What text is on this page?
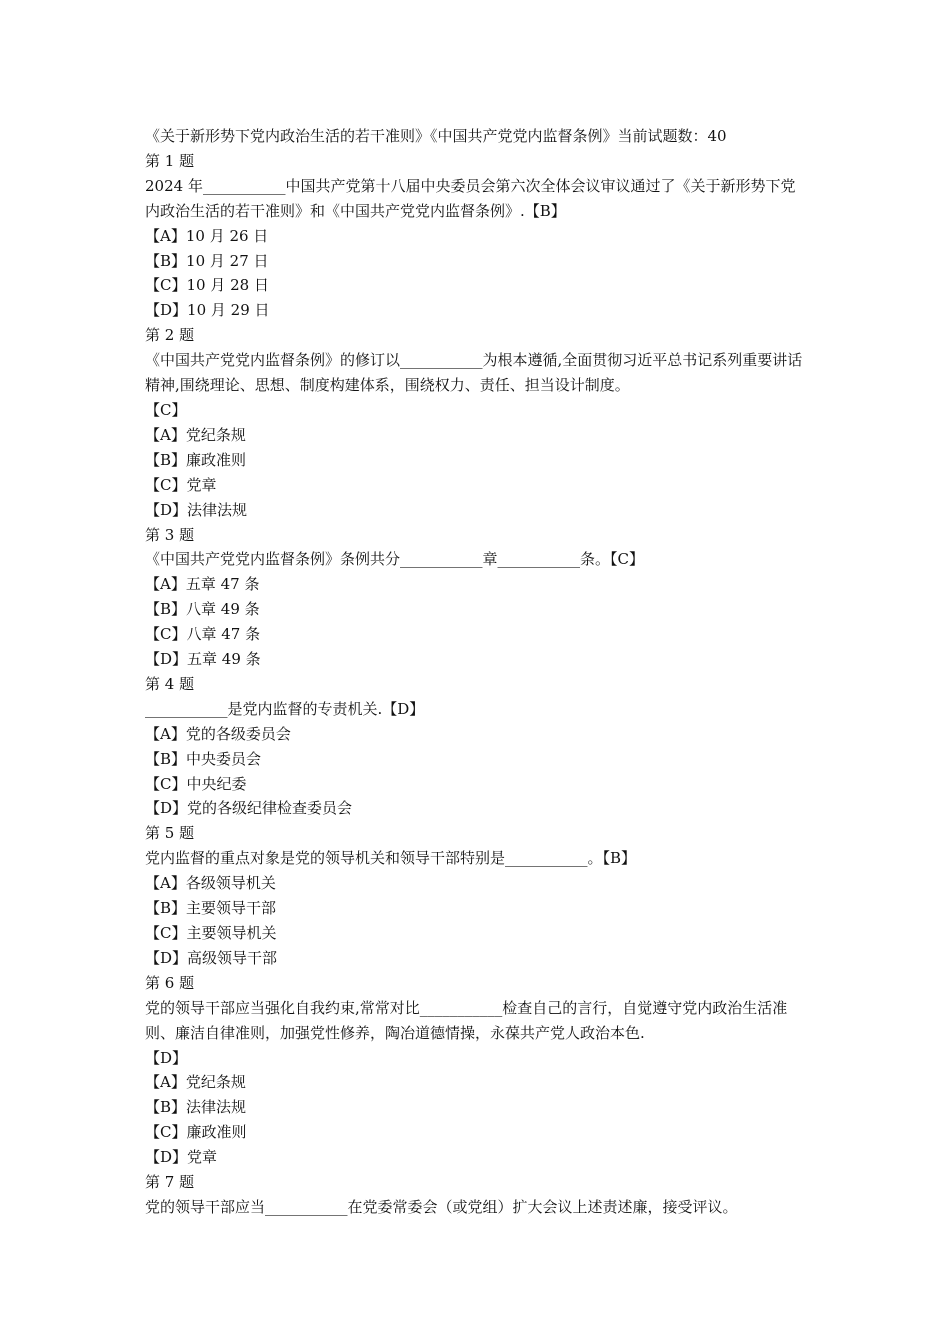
《关于新形势下党内政治生活的若干准则》《中国共产党党内监督条例》当前试题数：40
第 1 题
2024 年___________中国共产党第十八届中央委员会第六次全体会议审议通过了《关于新形势下党内政治生活的若干准则》和《中国共产党党内监督条例》.【B】
【A】10 月 26 日
【B】10 月 27 日
【C】10 月 28 日
【D】10 月 29 日
第 2 题
《中国共产党党内监督条例》的修订以___________为根本遵循,全面贯彻习近平总书记系列重要讲话精神,围绕理论、思想、制度构建体系，围绕权力、责任、担当设计制度。
【C】
【A】党纪条规
【B】廉政准则
【C】党章
【D】法律法规
第 3 题
《中国共产党党内监督条例》条例共分___________章___________条。【C】
【A】五章 47 条
【B】八章 49 条
【C】八章 47 条
【D】五章 49 条
第 4 题
___________是党内监督的专责机关.【D】
【A】党的各级委员会
【B】中央委员会
【C】中央纪委
【D】党的各级纪律检查委员会
第 5 题
党内监督的重点对象是党的领导机关和领导干部特别是___________。【B】
【A】各级领导机关
【B】主要领导干部
【C】主要领导机关
【D】高级领导干部
第 6 题
党的领导干部应当强化自我约束,常常对比___________检查自己的言行，自觉遵守党内政治生活准则、廉洁自律准则，加强党性修养，陶冶道德情操，永葆共产党人政治本色.
【D】
【A】党纪条规
【B】法律法规
【C】廉政准则
【D】党章
第 7 题
党的领导干部应当___________在党委常委会（或党组）扩大会议上述责述廉，接受评议。
